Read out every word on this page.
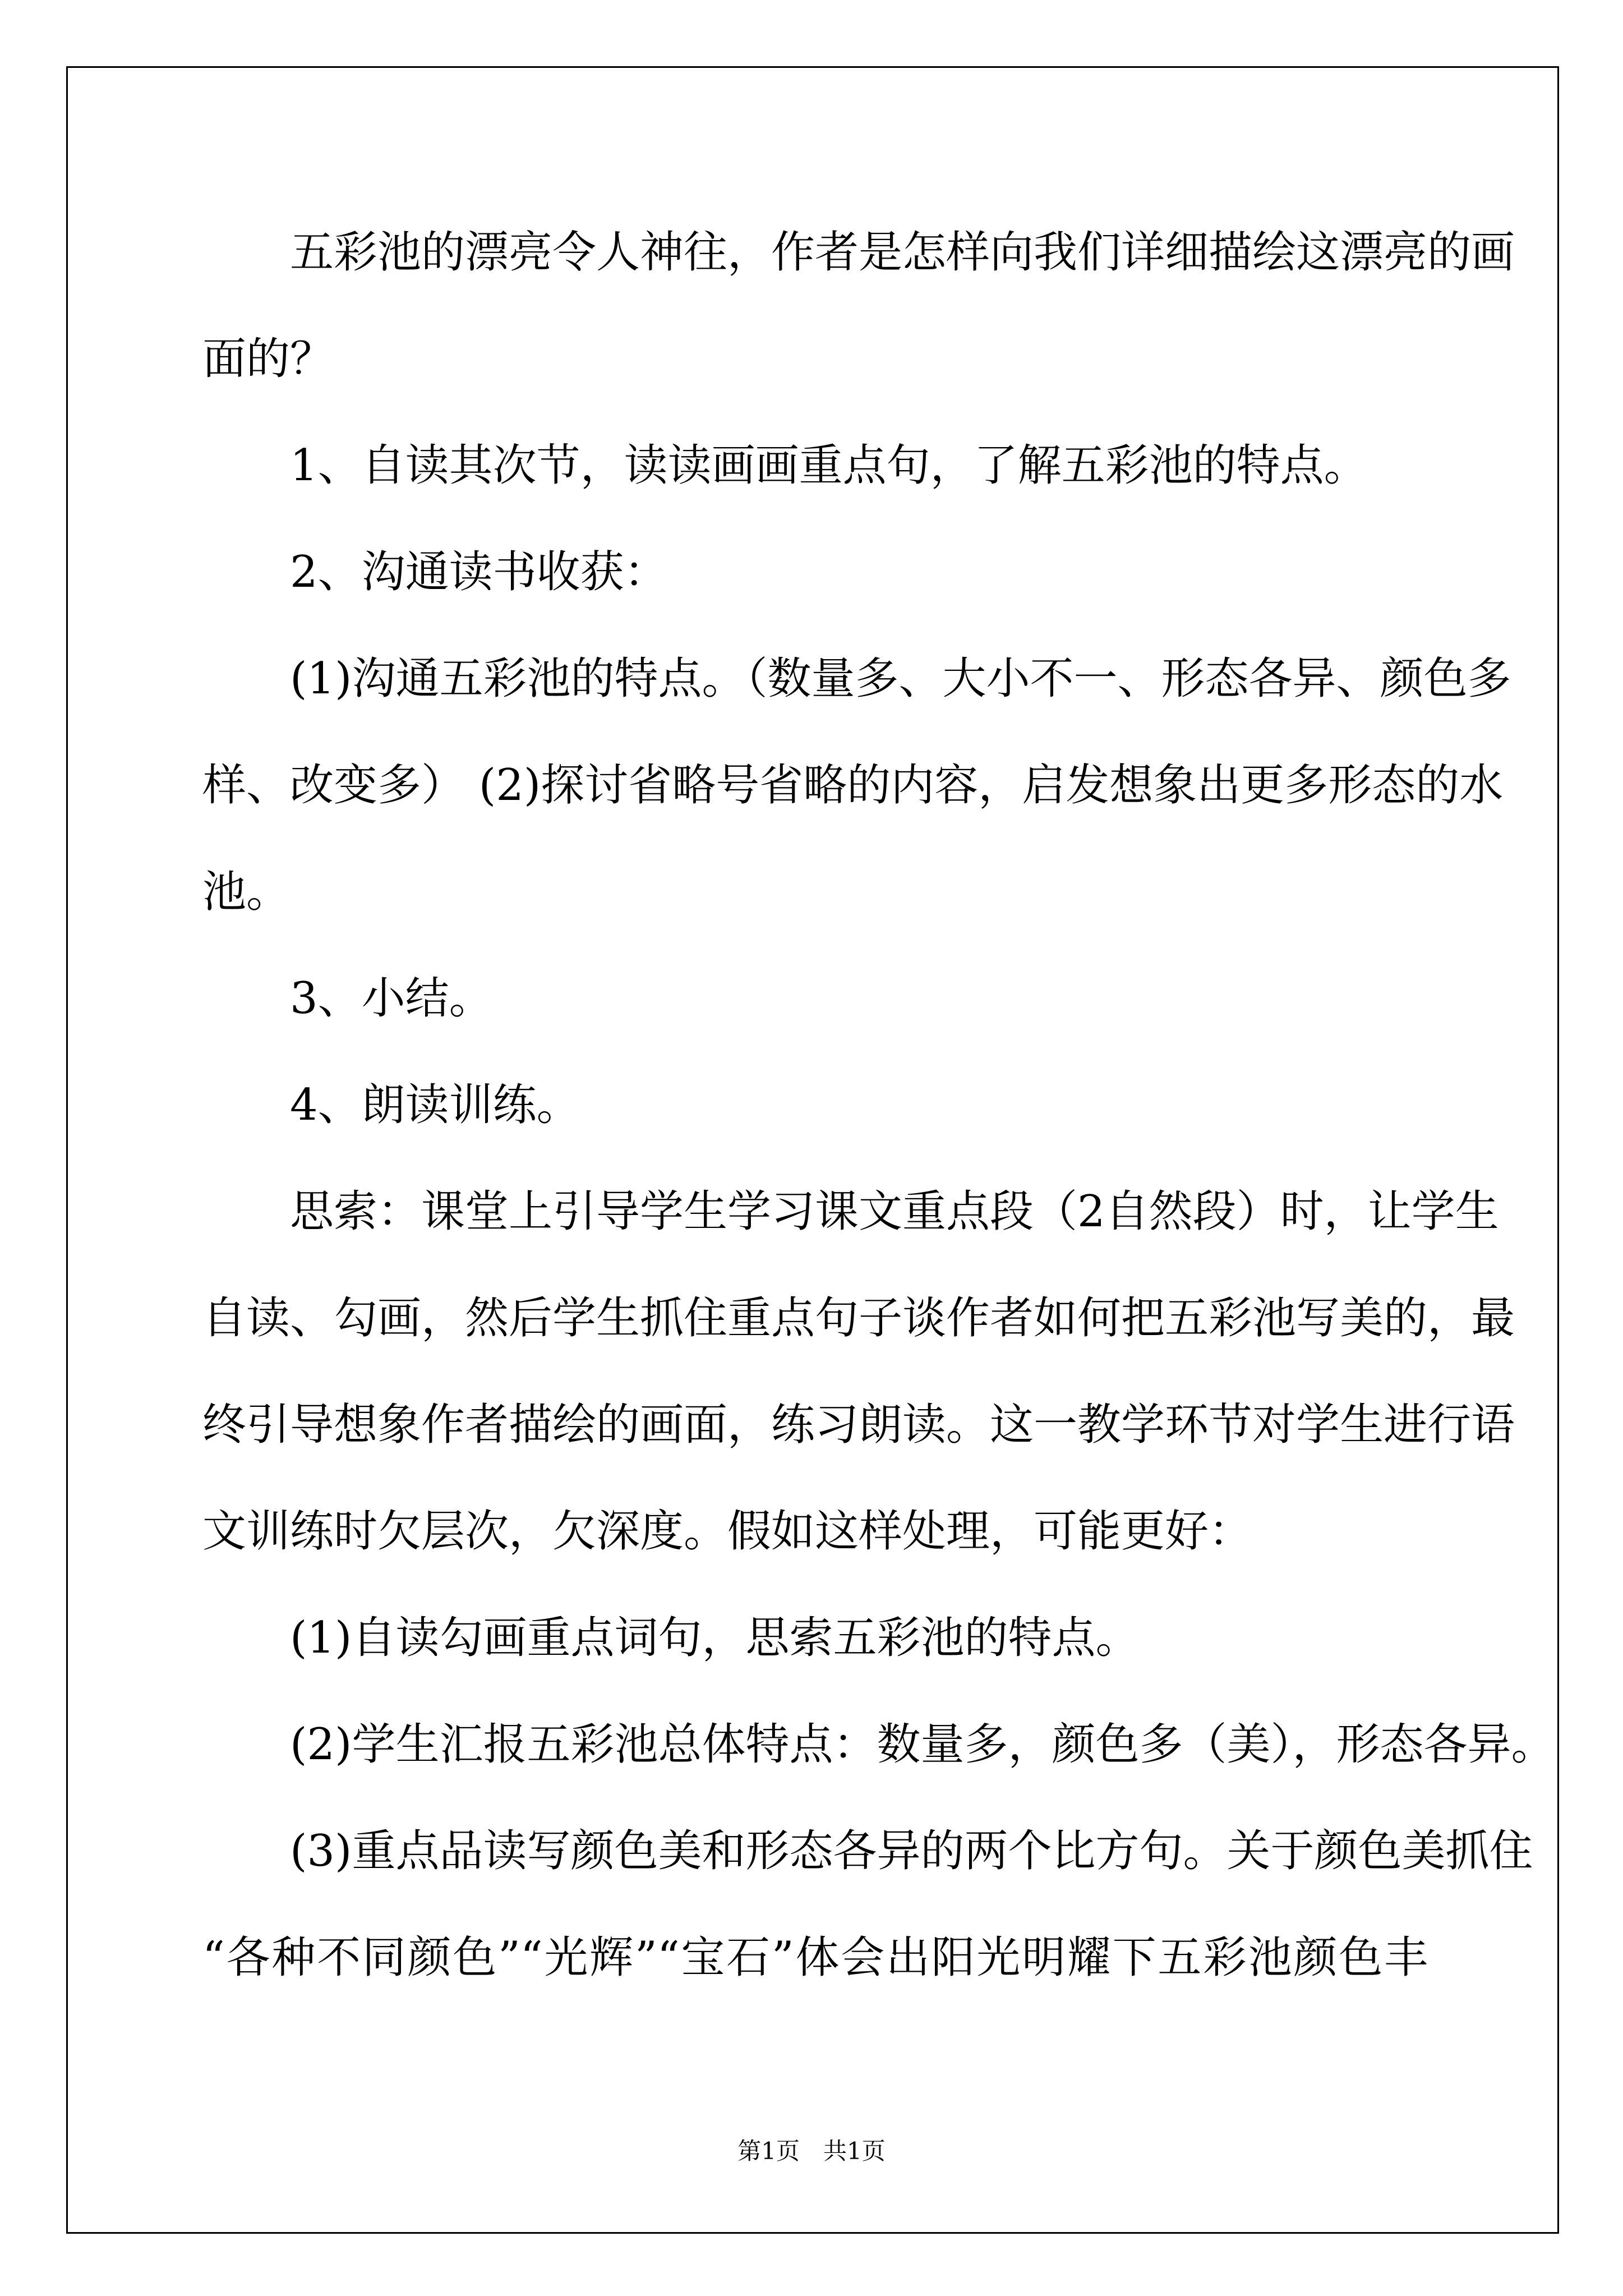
五彩池的漂亮令人神往，作者是怎样向我们详细描绘这漂亮的画
面的？
1、自读其次节，读读画画重点句，了解五彩池的特点。
2、沟通读书收获：
(1)沟通五彩池的特点。（数量多、大小不一、形态各异、颜色多
样、改变多） (2)探讨省略号省略的内容，启发想象出更多形态的水
池。
3、小结。
4、朗读训练。
思索：课堂上引导学生学习课文重点段（2自然段）时，让学生
自读、勾画，然后学生抓住重点句子谈作者如何把五彩池写美的，最
终引导想象作者描绘的画面，练习朗读。这一教学环节对学生进行语
文训练时欠层次，欠深度。假如这样处理，可能更好：
(1)自读勾画重点词句，思索五彩池的特点。
(2)学生汇报五彩池总体特点：数量多，颜色多（美），形态各异。
(3)重点品读写颜色美和形态各异的两个比方句。关于颜色美抓住
“各种不同颜色”“光辉”“宝石”体会出阳光明耀下五彩池颜色丰
第1页　共1页
